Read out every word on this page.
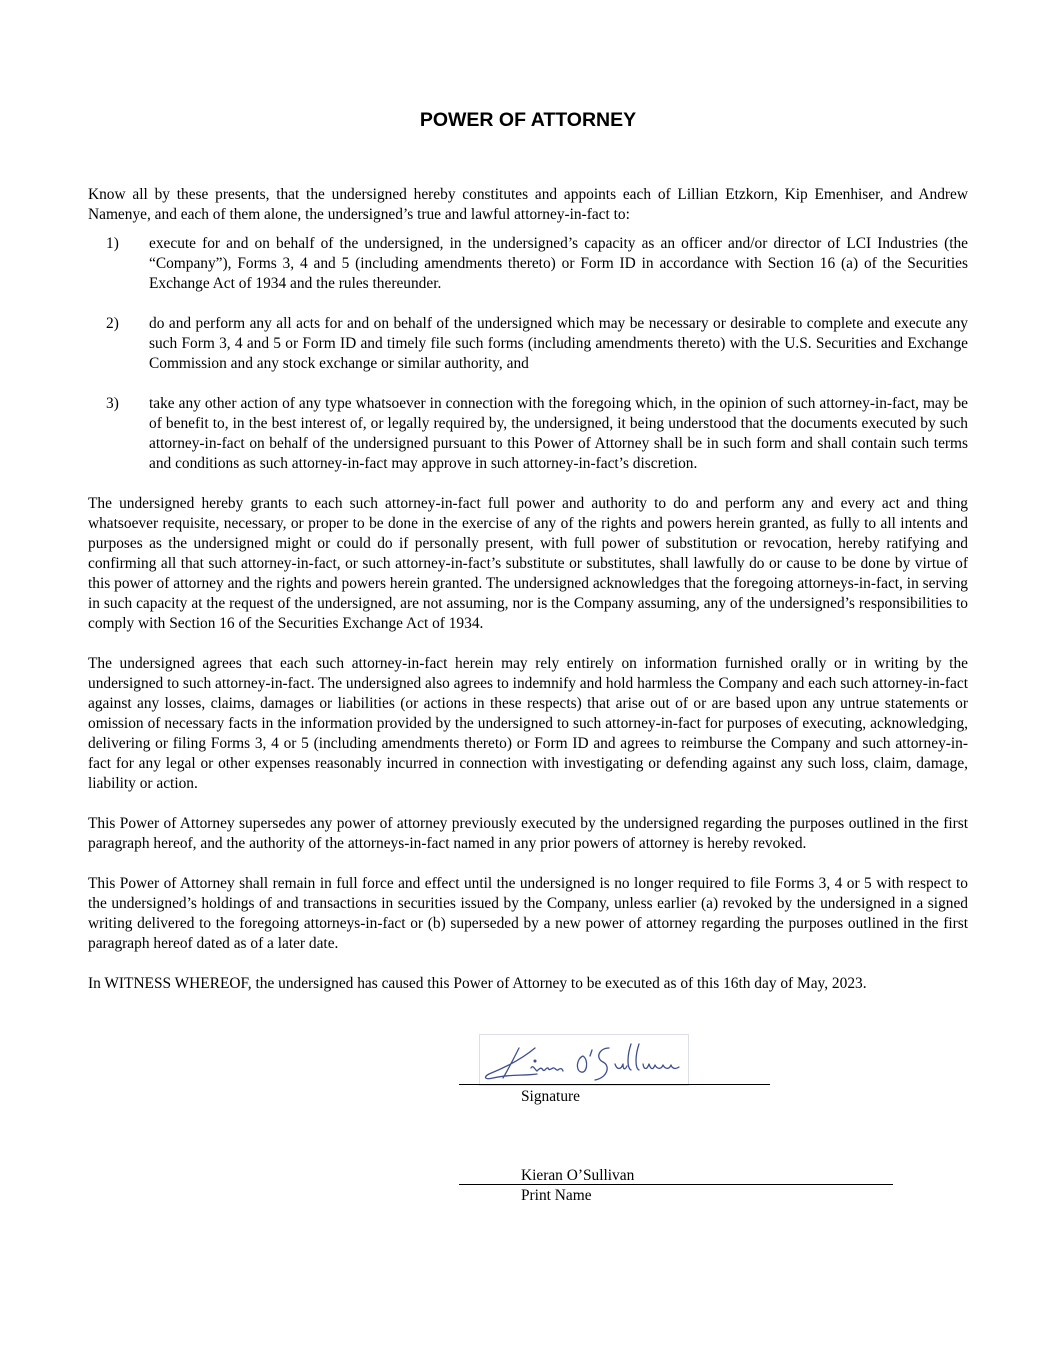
POWER OF ATTORNEY

Know all by these presents, that the undersigned hereby constitutes and appoints each of Lillian Etzkorn, Kip Emenhiser, and Andrew Namenye, and each of them alone, the undersigned’s true and lawful attorney-in-fact to:

1) execute for and on behalf of the undersigned, in the undersigned’s capacity as an officer and/or director of LCI Industries (the “Company”), Forms 3, 4 and 5 (including amendments thereto) or Form ID in accordance with Section 16 (a) of the Securities Exchange Act of 1934 and the rules thereunder.
2) do and perform any all acts for and on behalf of the undersigned which may be necessary or desirable to complete and execute any such Form 3, 4 and 5 or Form ID and timely file such forms (including amendments thereto) with the U.S. Securities and Exchange Commission and any stock exchange or similar authority, and
3) take any other action of any type whatsoever in connection with the foregoing which, in the opinion of such attorney-in-fact, may be of benefit to, in the best interest of, or legally required by, the undersigned, it being understood that the documents executed by such attorney-in-fact on behalf of the undersigned pursuant to this Power of Attorney shall be in such form and shall contain such terms and conditions as such attorney-in-fact may approve in such attorney-in-fact’s discretion.

The undersigned hereby grants to each such attorney-in-fact full power and authority to do and perform any and every act and thing whatsoever requisite, necessary, or proper to be done in the exercise of any of the rights and powers herein granted, as fully to all intents and purposes as the undersigned might or could do if personally present, with full power of substitution or revocation, hereby ratifying and confirming all that such attorney-in-fact, or such attorney-in-fact’s substitute or substitutes, shall lawfully do or cause to be done by virtue of this power of attorney and the rights and powers herein granted. The undersigned acknowledges that the foregoing attorneys-in-fact, in serving in such capacity at the request of the undersigned, are not assuming, nor is the Company assuming, any of the undersigned’s responsibilities to comply with Section 16 of the Securities Exchange Act of 1934.

The undersigned agrees that each such attorney-in-fact herein may rely entirely on information furnished orally or in writing by the undersigned to such attorney-in-fact. The undersigned also agrees to indemnify and hold harmless the Company and each such attorney-in-fact against any losses, claims, damages or liabilities (or actions in these respects) that arise out of or are based upon any untrue statements or omission of necessary facts in the information provided by the undersigned to such attorney-in-fact for purposes of executing, acknowledging, delivering or filing Forms 3, 4 or 5 (including amendments thereto) or Form ID and agrees to reimburse the Company and such attorney-in-fact for any legal or other expenses reasonably incurred in connection with investigating or defending against any such loss, claim, damage, liability or action.

This Power of Attorney supersedes any power of attorney previously executed by the undersigned regarding the purposes outlined in the first paragraph hereof, and the authority of the attorneys-in-fact named in any prior powers of attorney is hereby revoked.

This Power of Attorney shall remain in full force and effect until the undersigned is no longer required to file Forms 3, 4 or 5 with respect to the undersigned’s holdings of and transactions in securities issued by the Company, unless earlier (a) revoked by the undersigned in a signed writing delivered to the foregoing attorneys-in-fact or (b) superseded by a new power of attorney regarding the purposes outlined in the first paragraph hereof dated as of a later date.

In WITNESS WHEREOF, the undersigned has caused this Power of Attorney to be executed as of this 16th day of May, 2023.

Signature
Kieran O’Sullivan
Print Name
